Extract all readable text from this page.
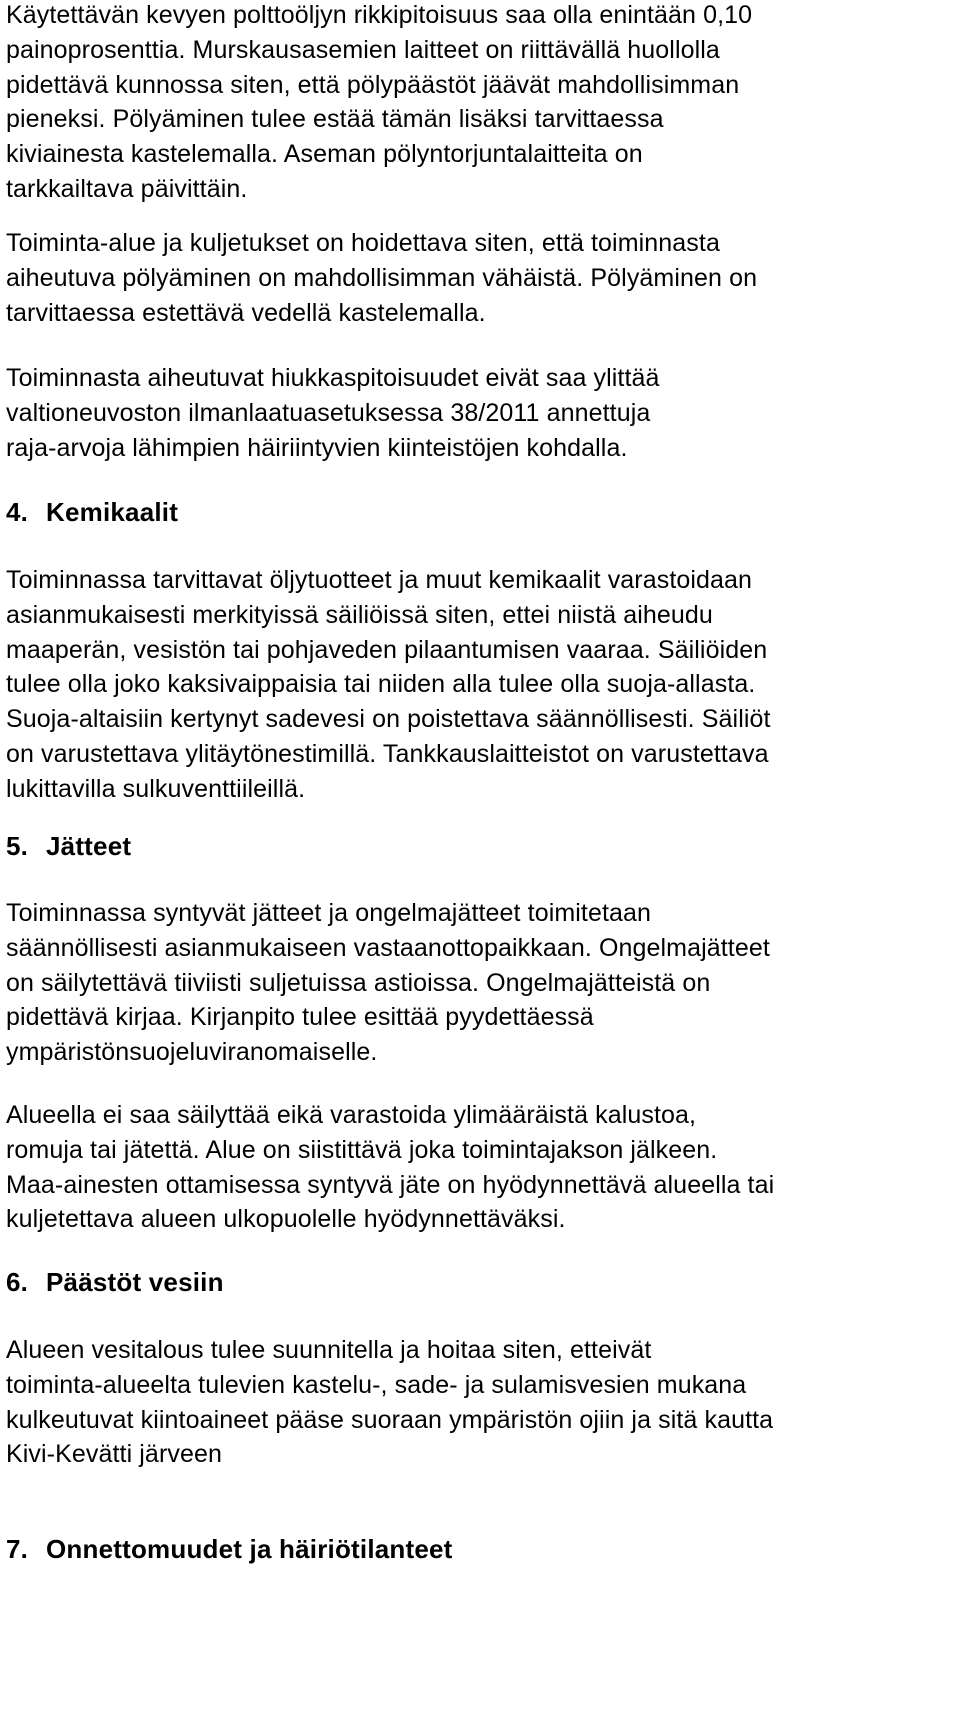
Käytettävän kevyen polttoöljyn rikkipitoisuus saa olla enintään 0,10
painoprosenttia. Murskausasemien laitteet on riittävällä huollolla
pidettävä kunnossa siten, että pölypäästöt jäävät mahdollisimman
pieneksi. Pölyäminen tulee estää tämän lisäksi tarvittaessa
kiviainesta kastelemalla. Aseman pölyntorjuntalaitteita on
tarkkailtava päivittäin.
Toiminta-alue ja kuljetukset on hoidettava siten, että toiminnasta
aiheutuva pölyäminen on mahdollisimman vähäistä. Pölyäminen on
tarvittaessa estettävä vedellä kastelemalla.
Toiminnasta aiheutuvat hiukkaspitoisuudet eivät saa ylittää
valtioneuvoston ilmanlaatuasetuksessa 38/2011 annettuja
raja-arvoja lähimpien häiriintyvien kiinteistöjen kohdalla.
4. Kemikaalit
Toiminnassa tarvittavat öljytuotteet ja muut kemikaalit varastoidaan
asianmukaisesti merkityissä säiliöissä siten, ettei niistä aiheudu
maaperän, vesistön tai pohjaveden pilaantumisen vaaraa. Säiliöiden
tulee olla joko kaksivaippaisia tai niiden alla tulee olla suoja-allasta.
Suoja-altaisiin kertynyt sadevesi on poistettava säännöllisesti. Säiliöt
on varustettava ylitäytönestimillä. Tankkauslaitteistot on varustettava
lukittavilla sulkuventtiileillä.
5. Jätteet
Toiminnassa syntyvät jätteet ja ongelmajätteet toimitetaan
säännöllisesti asianmukaiseen vastaanottopaikkaan. Ongelmajätteet
on säilytettävä tiiviisti suljetuissa astioissa. Ongelmajätteistä on
pidettävä kirjaa. Kirjanpito tulee esittää pyydettäessä
ympäristönsuojeluviranomaiselle.
Alueella ei saa säilyttää eikä varastoida ylimääräistä kalustoa,
romuja tai jätettä. Alue on siistittävä joka toimintajakson jälkeen.
Maa-ainesten ottamisessa syntyvä jäte on hyödynnettävä alueella tai
kuljetettava alueen ulkopuolelle hyödynnettäväksi.
6. Päästöt vesiin
Alueen vesitalous tulee suunnitella ja hoitaa siten, etteivät
toiminta-alueelta tulevien kastelu-, sade- ja sulamisvesien mukana
kulkeutuvat kiintoaineet pääse suoraan ympäristön ojiin ja sitä kautta
Kivi-Kevätti järveen
7. Onnettomuudet ja häiriötilanteet
